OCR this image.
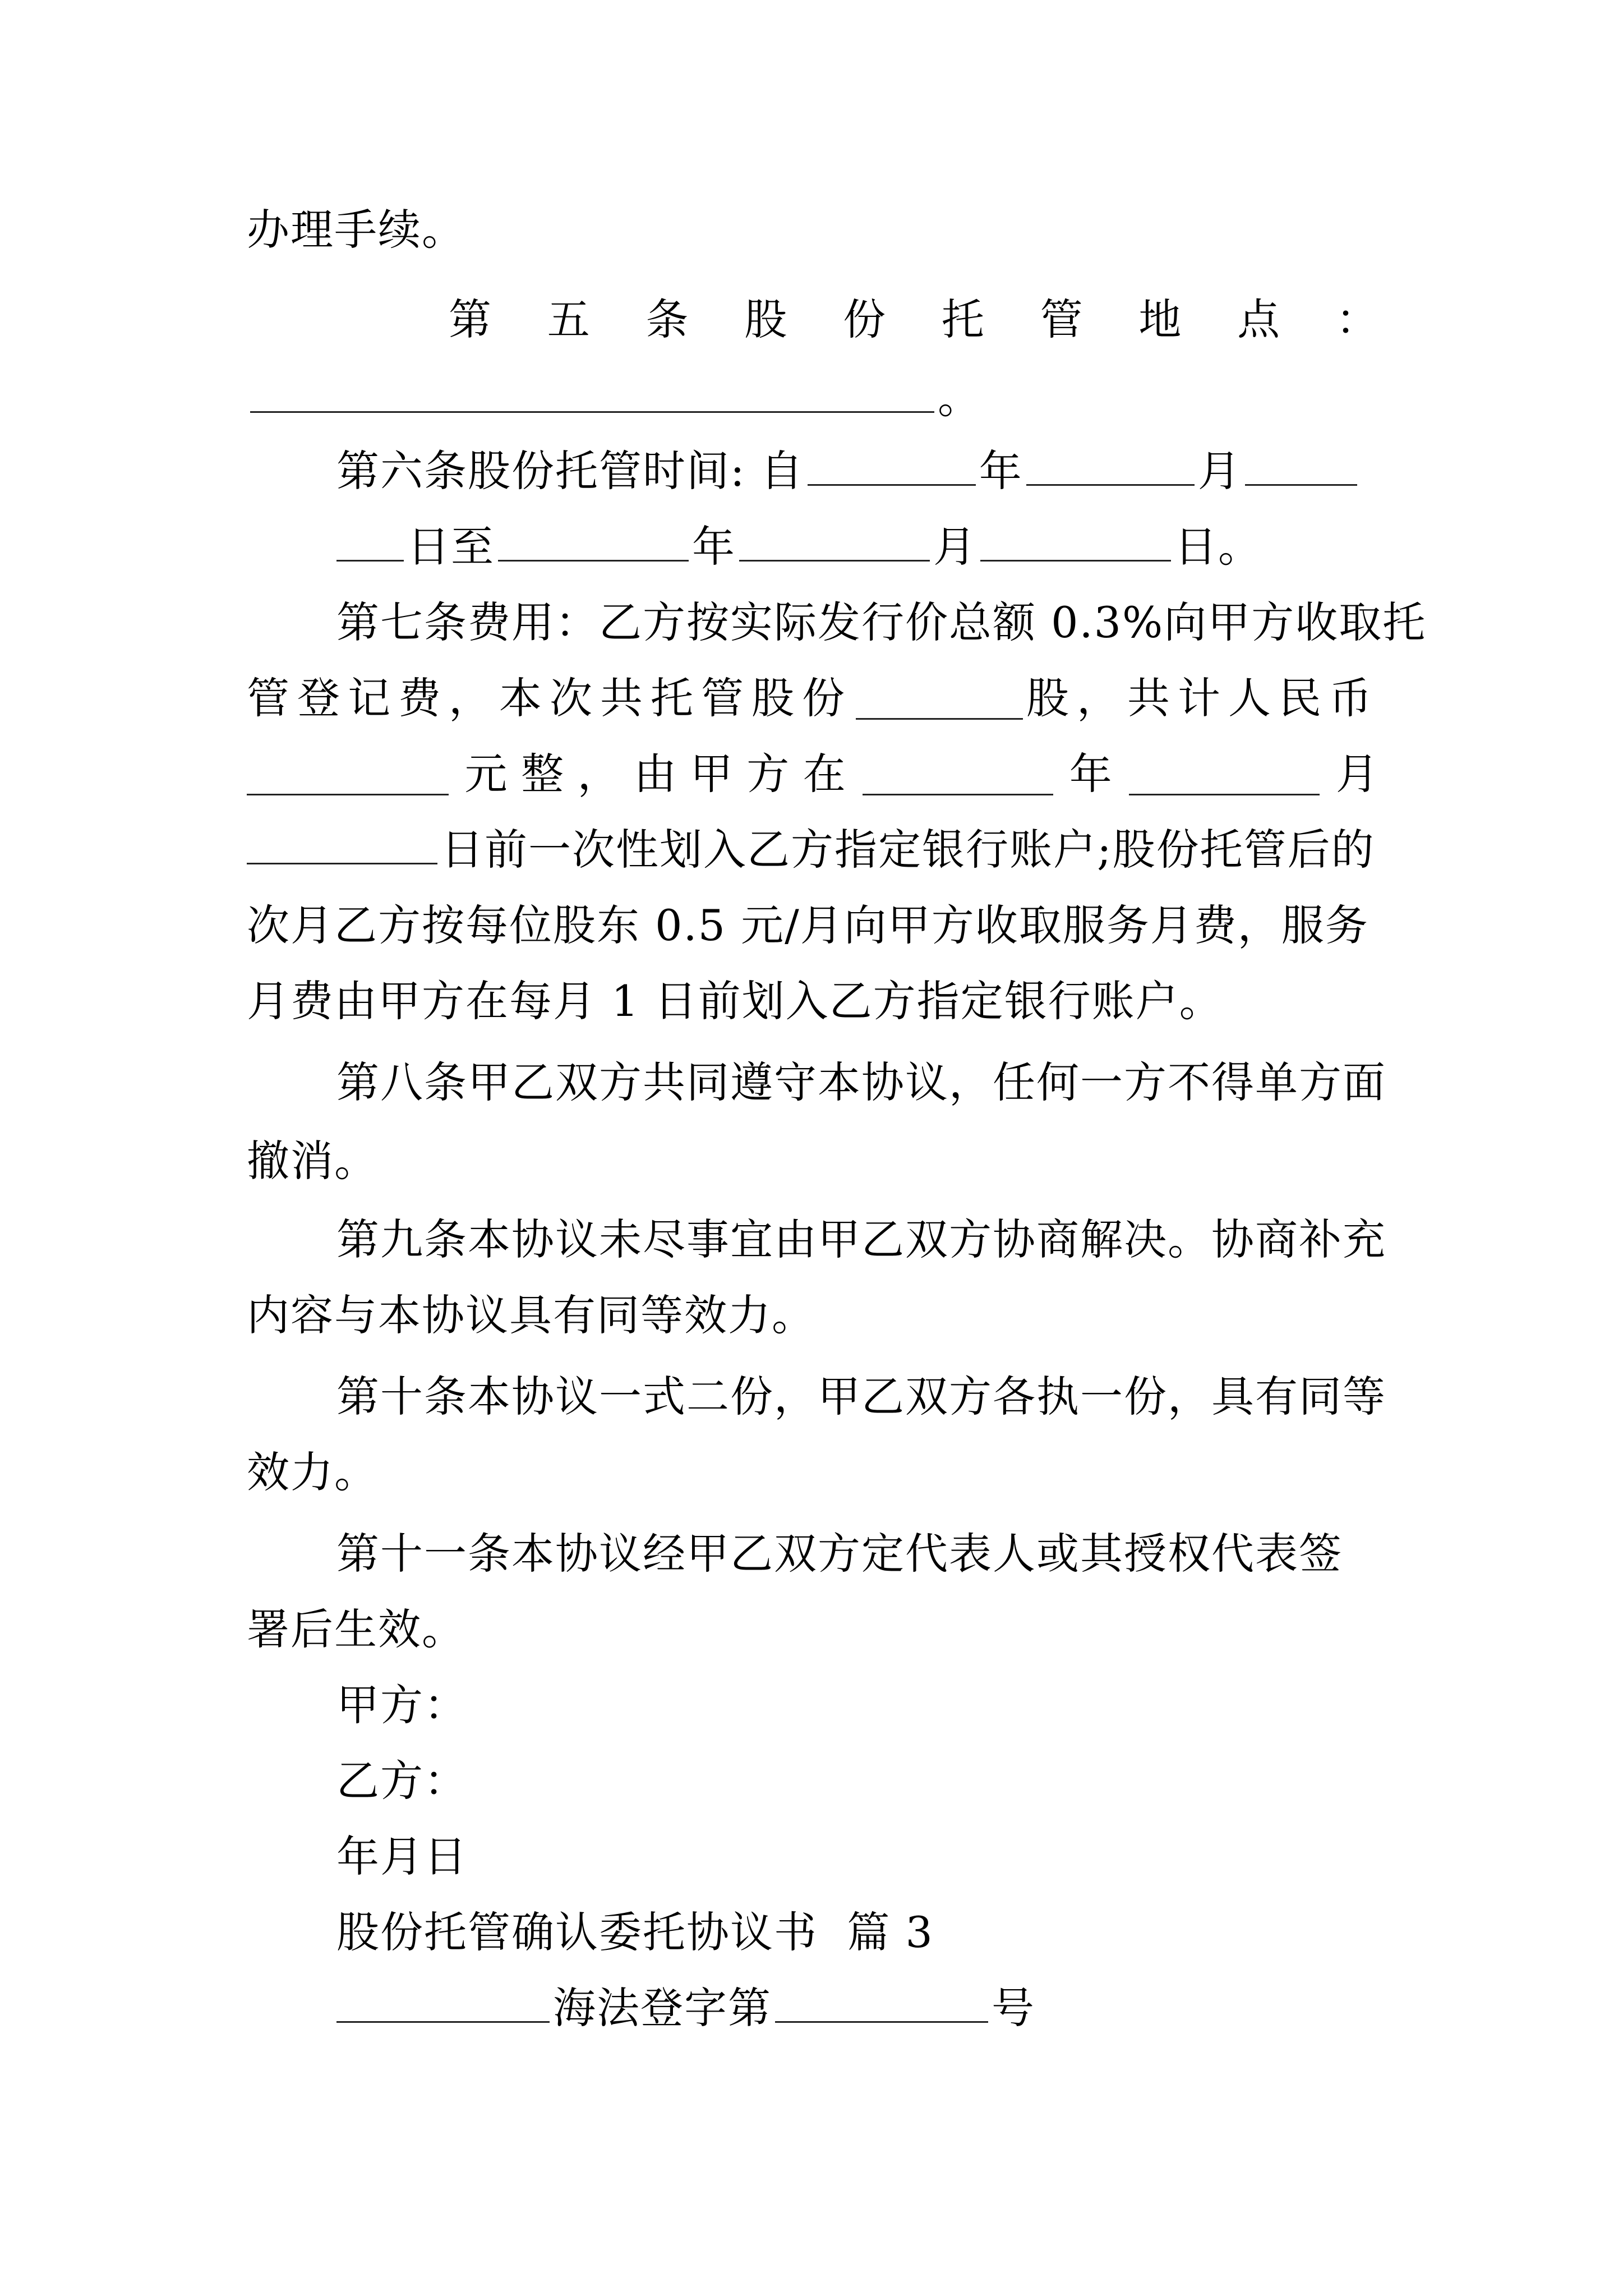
办理手续。
第 五 条 股 份 托 管 地 点 ：
。
第六条股份托管时间: 自	年	月
日至	年	月	日。
第七条费用：乙方按实际发行价总额 0.3%向甲方收取托
管登记费，本次共托管股份	股，共计人民币
元 整 ， 由 甲 方 在	年	月
日前一次性划入乙方指定银行账户;股份托管后的
次月乙方按每位股东 0.5 元/月向甲方收取服务月费，服务
月费由甲方在每月 1 日前划入乙方指定银行账户。
第八条甲乙双方共同遵守本协议，任何一方不得单方面
撤消。
第九条本协议未尽事宜由甲乙双方协商解决。协商补充
内容与本协议具有同等效力。
第十条本协议一式二份，甲乙双方各执一份，具有同等
效力。
第十一条本协议经甲乙双方定代表人或其授权代表签
署后生效。
甲方：
乙方：
年月日
股份托管确认委托协议书  篇 3
海法登字第	号
